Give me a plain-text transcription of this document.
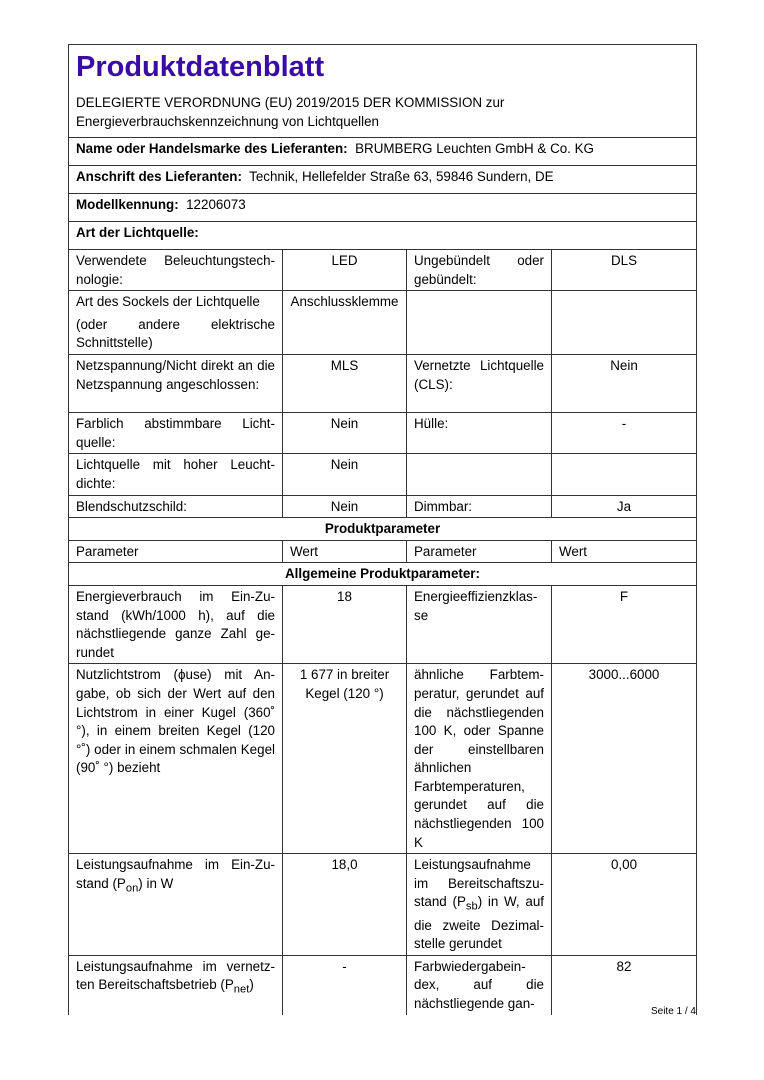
Produktdatenblatt
DELEGIERTE VERORDNUNG (EU) 2019/2015 DER KOMMISSION zur Energieverbrauchskennzeichnung von Lichtquellen			

Name oder Handelsmarke des Lieferanten: BRUMBERG Leuchten GmbH & Co. KG			
Anschrift des Lieferanten: Technik, Hellefelder Straße 63, 59846 Sundern, DE			
Modellkennung: 12206073			
Art der Lichtquelle:			
Verwendete Beleuchtungstechnologie:	LED	Ungebündelt oder gebündelt:	DLS

Art des Sockels der Lichtquelle
(oder andere elektrische Schnittstelle)	Anschlussklemme		
Netzspannung/Nicht direkt an die Netzspannung angeschlossen:	MLS	Vernetzte Lichtquelle (CLS):	Nein
Farblich abstimmbare Lichtquelle:	Nein	Hülle:	-
Lichtquelle mit hoher Leuchtdichte:	Nein		
Blendschutzschild:	Nein	Dimmbar:	Ja
Produktparameter			
Parameter	Wert	Parameter	Wert
Allgemeine Produktparameter:			
Energieverbrauch im Ein-Zustand (kWh/1000 h), auf die nächstliegende ganze Zahl gerundet	18	Energieeffizienzklasse	F
Nutzlichtstrom (ϕuse) mit Angabe, ob sich der Wert auf den Lichtstrom in einer Kugel (360˚ °), in einem breiten Kegel (120 °˚) oder in einem schmalen Kegel (90˚ °) bezieht	1 677 in breiter Kegel (120 °)	ähnliche Farbtemperatur, gerundet auf die nächstliegenden 100 K, oder Spanne der einstellbaren ähnlichen Farbtemperaturen, gerundet auf die nächstliegenden 100 K	3000...6000
Leistungsaufnahme im Ein-Zustand $(P_{on})$ in W	18,0	Leistungsaufnahme im Bereitschaftszustand $(P_{sb})$ in W, auf die zweite Dezimalstelle gerundet	0,00
Leistungsaufnahme im vernetzten Bereitschaftsbetrieb $(P_{net})$	-	Farbwiedergabeindex, auf die nächstliegende gan-	82
Seite 1 / 4
